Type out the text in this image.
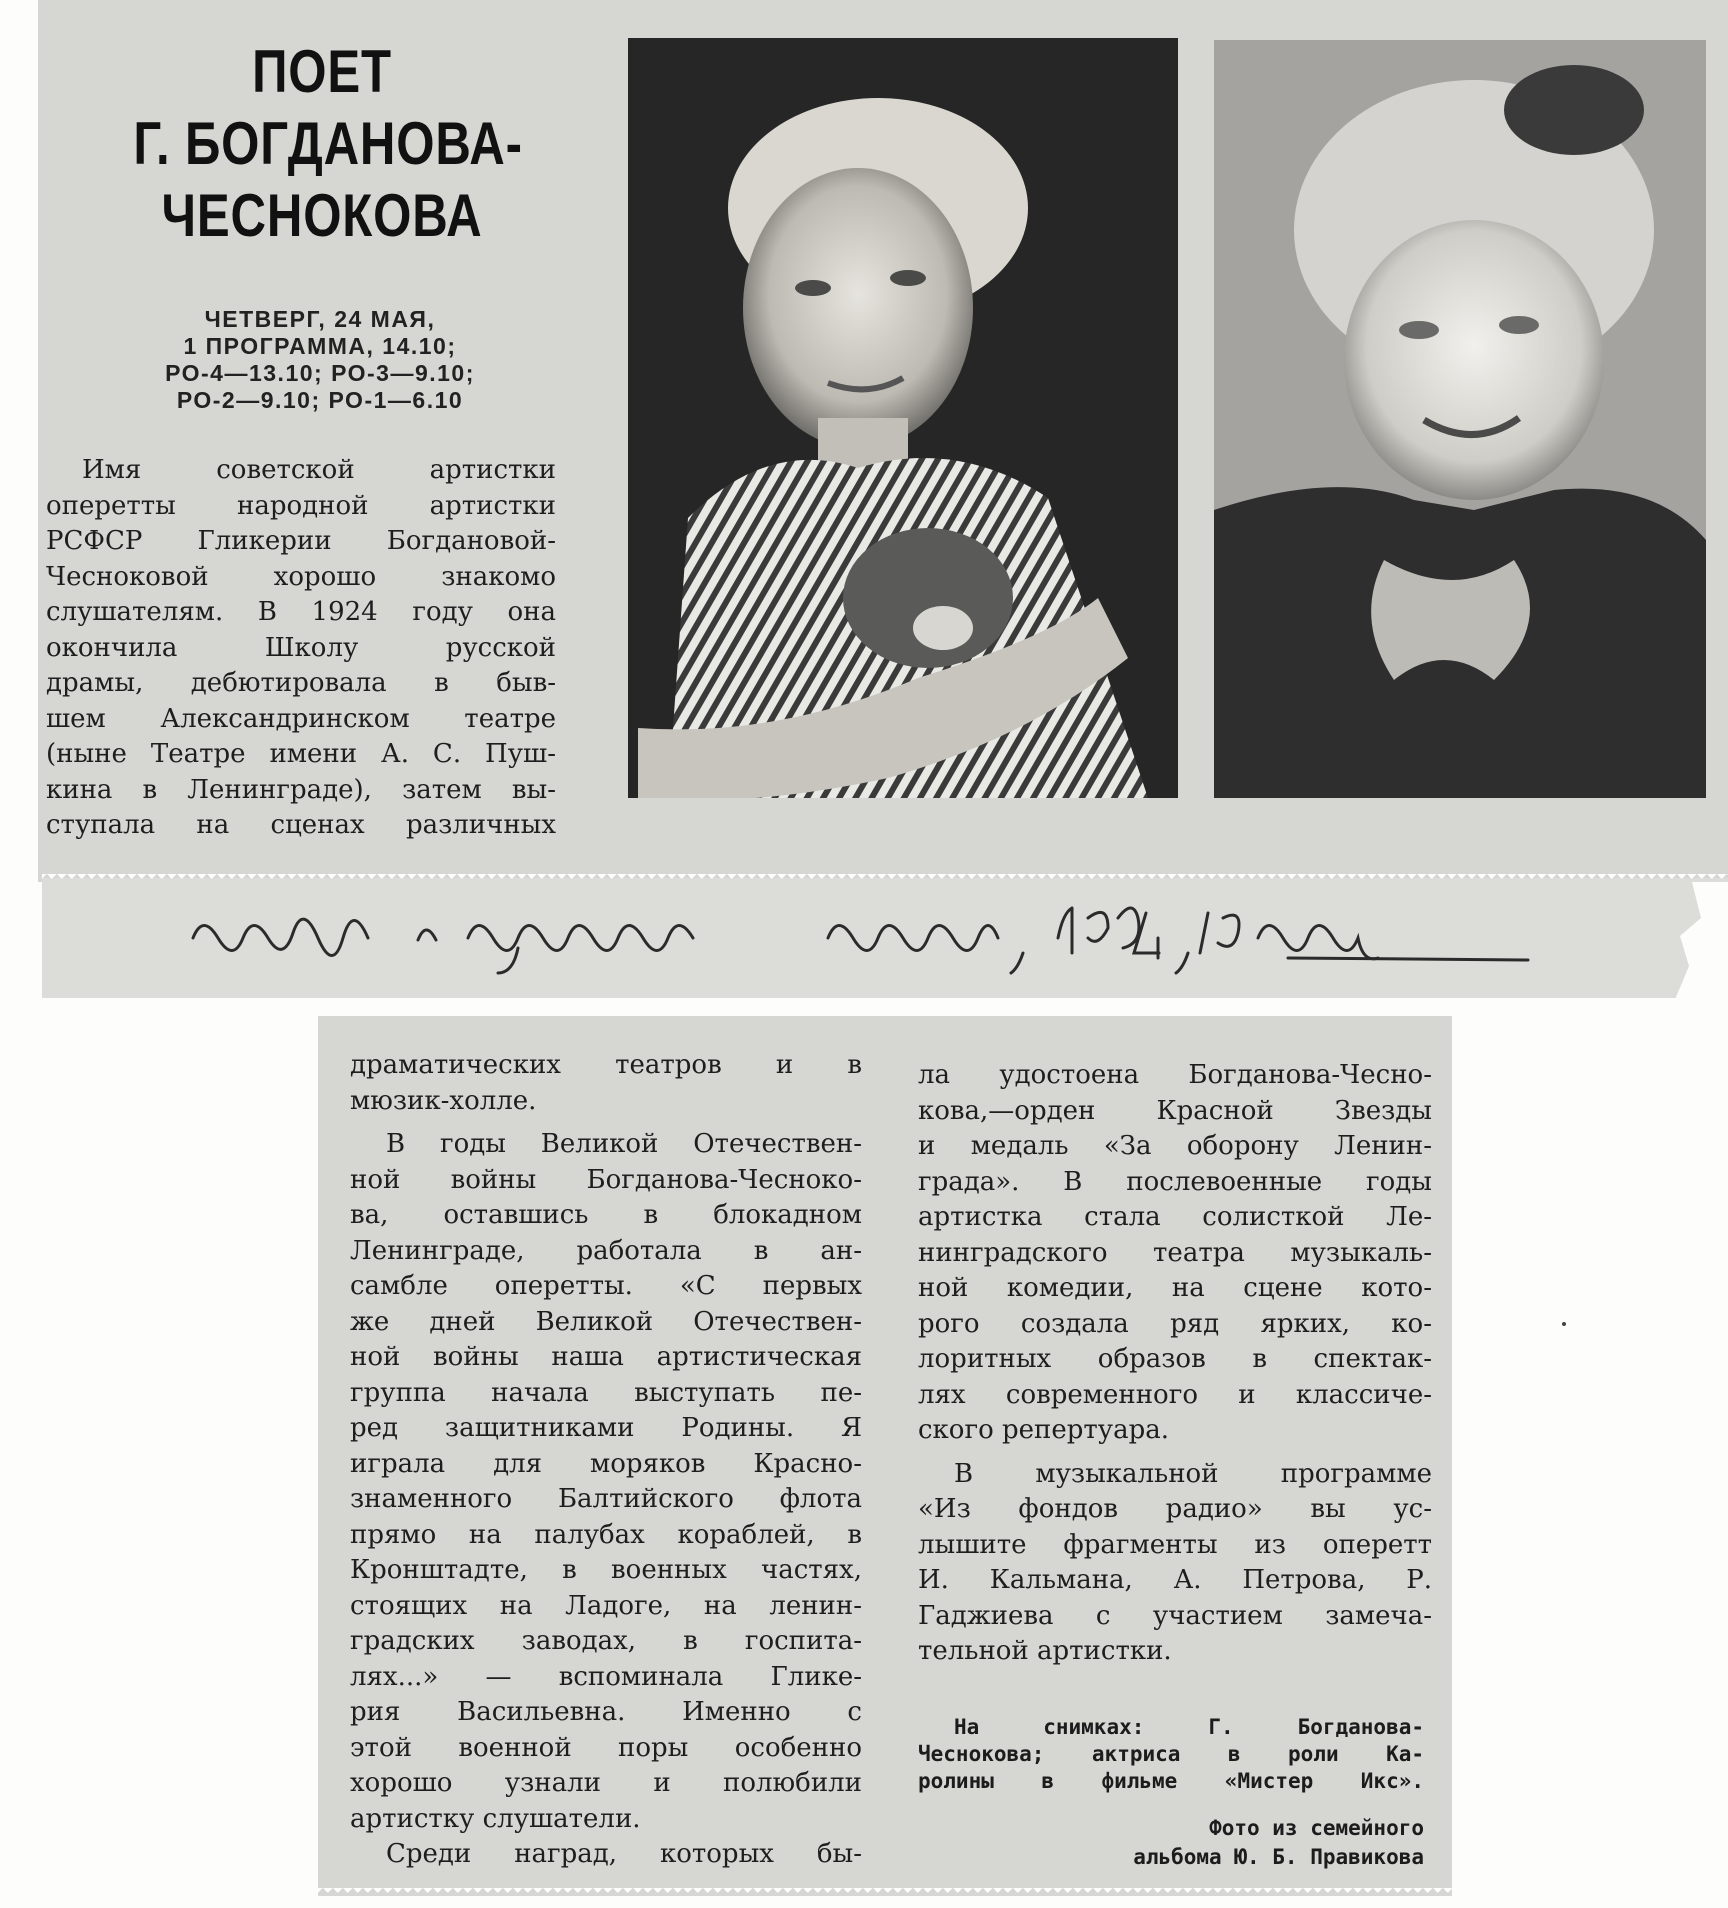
ПОЕТ
Г. БОГДАНОВА-
ЧЕСНОКОВА
ЧЕТВЕРГ, 24 МАЯ,
1 ПРОГРАММА, 14.10;
РО-4—13.10; РО-3—9.10;
РО-2—9.10; РО-1—6.10

Имя советской артистки

оперетты народной артистки

РСФСР Гликерии Богдановой-

Чесноковой хорошо знакомо

слушателям. В 1924 году она

окончила Школу русской

драмы, дебютировала в быв-

шем Александринском театре

(ныне Театре имени А. С. Пуш-

кина в Ленинграде), затем вы-

ступала на сценах различных

драматических театров и в

мюзик-холле.

В годы Великой Отечествен-

ной войны Богданова-Чеснoко-

ва, оставшись в блокадном

Ленинграде, работала в ан-

самбле оперетты. «С первых

же дней Великой Отечествен-

ной войны наша артистическая

группа начала выступать пе-

ред защитниками Родины. Я

играла для моряков Красно-

знаменного Балтийского флота

прямо на палубах кораблей, в

Кронштадте, в военных частях,

стоящих на Ладоге, на ленин-

градских заводах, в госпита-

лях...» — вспоминала Глике-

рия Васильевна. Именно с

этой военной поры особенно

хорошо узнали и полюбили

артистку слушатели.

Среди наград, которых бы-

ла удостоена Богданова-Чесно-

кова,—орден Красной Звезды

и медаль «За оборону Ленин-

града». В послевоенные годы

артистка стала солисткой Ле-

нинградского театра музыкаль-

ной комедии, на сцене кото-

рого создала ряд ярких, ко-

лоритных образов в спектак-

лях современного и классиче-

ского репертуара.

В музыкальной программе

«Из фондов радио» вы ус-

лышите фрагменты из оперетт

И. Кальмана, А. Петрова, Р.

Гаджиева с участием замеча-

тельной артистки.

На снимках: Г. Богданова-

Чеснокова; актриса в роли Ка-

ролины в фильме «Мистер Икс».

Фото из семейного
альбома Ю. Б. Правикова
